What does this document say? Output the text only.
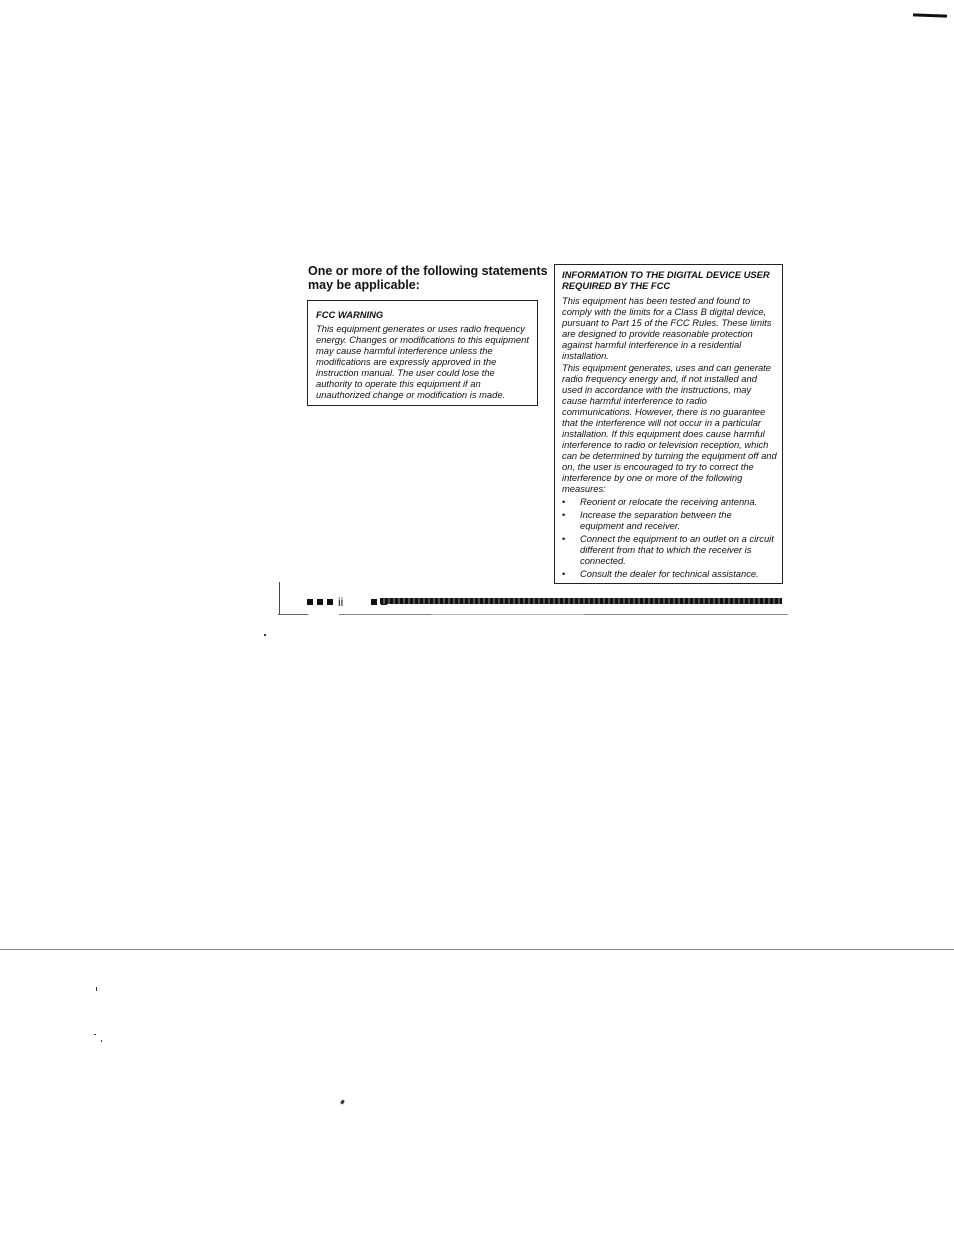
One or more of the following statements may be applicable:
FCC WARNING

This equipment generates or uses radio frequency energy. Changes or modifications to this equipment may cause harmful interference unless the modifications are expressly approved in the instruction manual. The user could lose the authority to operate this equipment if an unauthorized change or modification is made.

INFORMATION TO THE DIGITAL DEVICE USER REQUIRED BY THE FCC

This equipment has been tested and found to comply with the limits for a Class B digital device, pursuant to Part 15 of the FCC Rules. These limits are designed to provide reasonable protection against harmful interference in a residential installation.

This equipment generates, uses and can generate radio frequency energy and, if not installed and used in accordance with the instructions, may cause harmful interference to radio communications. However, there is no guarantee that the interference will not occur in a particular installation. If this equipment does cause harmful interference to radio or television reception, which can be determined by turning the equipment off and on, the user is encouraged to try to correct the interference by one or more of the following measures:

• Reorient or relocate the receiving antenna.
• Increase the separation between the equipment and receiver.
• Connect the equipment to an outlet on a circuit different from that to which the receiver is connected.
• Consult the dealer for technical assistance.
ii
